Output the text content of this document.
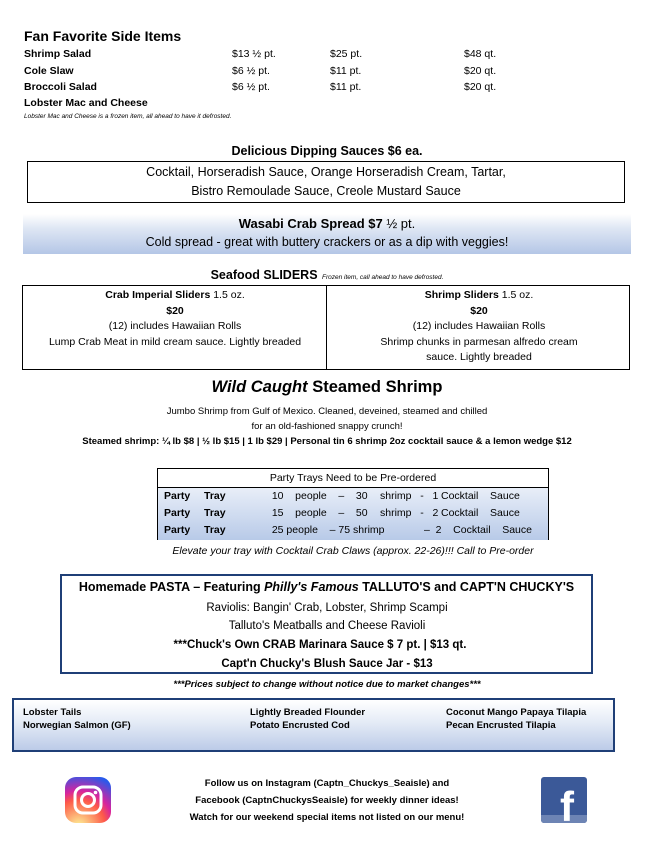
Fan Favorite Side Items
Shrimp Salad	$13 ½ pt.	$25 pt.	$48 qt.
Cole Slaw	$6 ½ pt.	$11 pt.	$20 qt.
Broccoli Salad	$6 ½ pt.	$11 pt.	$20 qt.
Lobster Mac and Cheese
Lobster Mac and Cheese is a frozen item, all ahead to have it defrosted.
Delicious Dipping Sauces $6 ea.
Cocktail, Horseradish Sauce, Orange Horseradish Cream, Tartar,
Bistro Remoulade Sauce, Creole Mustard Sauce
Wasabi Crab Spread $7 ½ pt.
Cold spread - great with buttery crackers or as a dip with veggies!
Seafood SLIDERS Frozen item, call ahead to have defrosted.
Crab Imperial Sliders 1.5 oz.
$20
(12) includes Hawaiian Rolls
Lump Crab Meat in mild cream sauce. Lightly breaded
Shrimp Sliders 1.5 oz.
$20
(12) includes Hawaiian Rolls
Shrimp chunks in parmesan alfredo cream
sauce. Lightly breaded
Wild Caught Steamed Shrimp
Jumbo Shrimp from Gulf of Mexico. Cleaned, deveined, steamed and chilled
for an old-fashioned snappy crunch!
Steamed shrimp: ¼ lb $8 | ½ lb $15 | 1 lb $29 | Personal tin 6 shrimp 2oz cocktail sauce & a lemon wedge $12
Party Trays Need to be Pre-ordered
Party Tray	10    people    –    30 shrimp   -   1 Cocktail    Sauce
Party Tray	15    people    –    50 shrimp   -   2 Cocktail    Sauce
Party Tray	25 people    – 75 shrimp	–  2    Cocktail    Sauce
Elevate your tray with Cocktail Crab Claws (approx. 22-26)!!! Call to Pre-order
Homemade PASTA – Featuring Philly's Famous TALLUTO'S and CAPT'N CHUCKY'S
Raviolis: Bangin' Crab, Lobster, Shrimp Scampi
Talluto's Meatballs and Cheese Ravioli
***Chuck's Own CRAB Marinara Sauce $ 7 pt. | $13 qt.
Capt'n Chucky's Blush Sauce Jar - $13
***Prices subject to change without notice due to market changes***
Lobster Tails
Norwegian Salmon (GF)
Lightly Breaded Flounder
Potato Encrusted Cod
Coconut Mango Papaya Tilapia
Pecan Encrusted Tilapia
Follow us on Instagram (Captn_Chuckys_Seaisle) and
Facebook (CaptnChuckysSeaisle) for weekly dinner ideas!
Watch for our weekend special items not listed on our menu!	f
